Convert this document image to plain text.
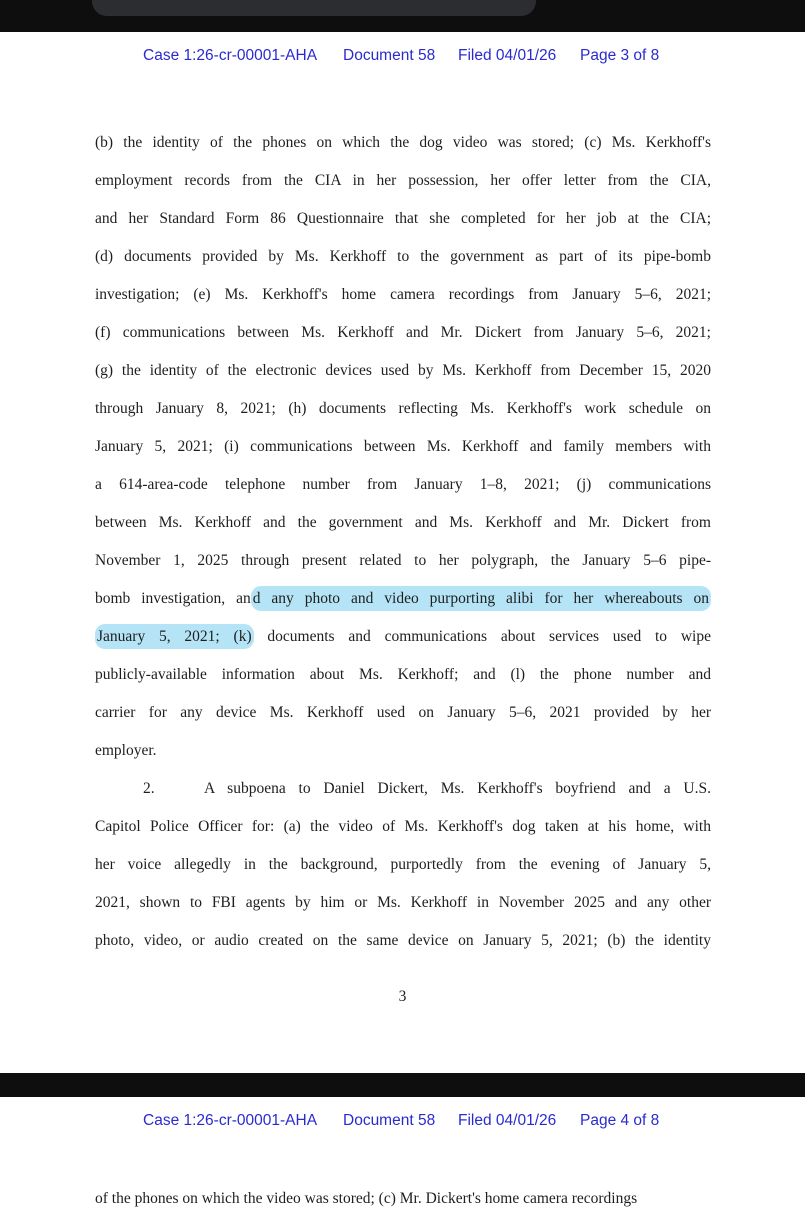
Case 1:26-cr-00001-AHA Document 58 Filed 04/01/26 Page 3 of 8
(b) the identity of the phones on which the dog video was stored; (c) Ms. Kerkhoff's
employment records from the CIA in her possession, her offer letter from the CIA,
and her Standard Form 86 Questionnaire that she completed for her job at the CIA;
(d) documents provided by Ms. Kerkhoff to the government as part of its pipe-bomb
investigation; (e) Ms. Kerkhoff's home camera recordings from January 5–6, 2021;
(f) communications between Ms. Kerkhoff and Mr. Dickert from January 5–6, 2021;
(g) the identity of the electronic devices used by Ms. Kerkhoff from December 15, 2020
through January 8, 2021; (h) documents reflecting Ms. Kerkhoff's work schedule on
January 5, 2021; (i) communications between Ms. Kerkhoff and family members with
a 614-area-code telephone number from January 1–8, 2021; (j) communications
between Ms. Kerkhoff and the government and Ms. Kerkhoff and Mr. Dickert from
November 1, 2025 through present related to her polygraph, the January 5–6 pipe-
bomb investigation, an d any photo and video purporting alibi for her whereabouts on
January 5, 2021; (k) documents and communications about services used to wipe
publicly-available information about Ms. Kerkhoff; and (l) the phone number and
carrier for any device Ms. Kerkhoff used on January 5–6, 2021 provided by her
employer.
2.	A subpoena to Daniel Dickert, Ms. Kerkhoff's boyfriend and a U.S.
Capitol Police Officer for: (a) the video of Ms. Kerkhoff's dog taken at his home, with
her voice allegedly in the background, purportedly from the evening of January 5,
2021, shown to FBI agents by him or Ms. Kerkhoff in November 2025 and any other
photo, video, or audio created on the same device on January 5, 2021; (b) the identity
3
Case 1:26-cr-00001-AHA Document 58 Filed 04/01/26 Page 4 of 8
of the phones on which the video was stored; (c) Mr. Dickert's home camera recordings
